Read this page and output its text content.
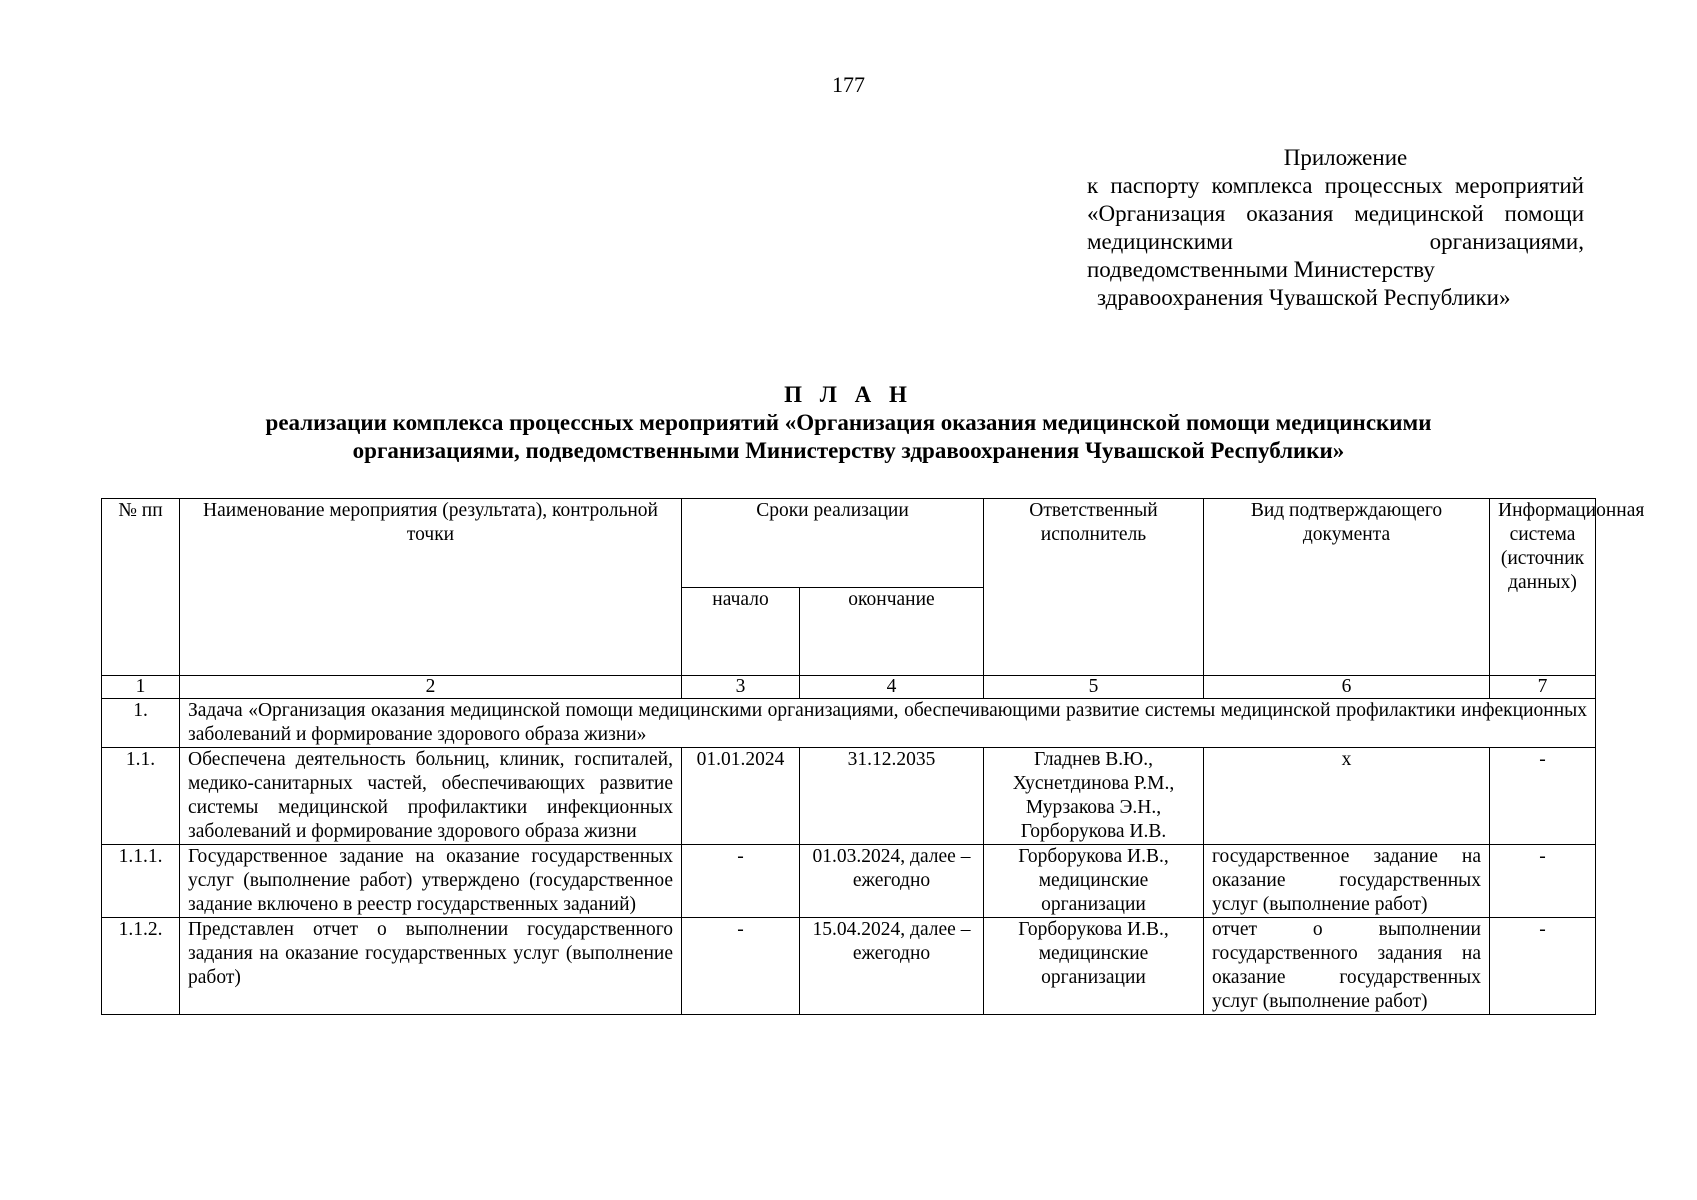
177
Приложение
к паспорту комплекса процессных мероприятий «Организация оказания медицинской помощи медицинскими организациями, подведомственными Министерству
здравоохранения Чувашской Республики»
П Л А Н
реализации комплекса процессных мероприятий «Организация оказания медицинской помощи медицинскими
организациями, подведомственными Министерству здравоохранения Чувашской Республики»
№ пп	Наименование мероприятия (результата), контрольной точки	Сроки реализации		Ответственный исполнитель	Вид подтверждающего документа	Информационная система (источник данных)
		начало	окончание			
1	2	3	4	5	6	7
1.	Задача «Организация оказания медицинской помощи медицинскими организациями, обеспечивающими развитие системы медицинской профилактики инфекционных заболеваний и формирование здорового образа жизни»					
1.1.	Обеспечена деятельность больниц, клиник, госпиталей, медико-санитарных частей, обеспечивающих развитие системы медицинской профилактики инфекционных заболеваний и формирование здорового образа жизни	01.01.2024	31.12.2035	Гладнев В.Ю., Хуснетдинова Р.М., Мурзакова Э.Н., Горборукова И.В.	x	-
1.1.1.	Государственное задание на оказание государственных услуг (выполнение работ) утверждено (государственное задание включено в реестр государственных заданий)	-	01.03.2024, далее – ежегодно	Горборукова И.В., медицинские организации	государственное задание на оказание государственных услуг (выполнение работ)	-
1.1.2.	Представлен отчет о выполнении государственного задания на оказание государственных услуг (выполнение работ)	-	15.04.2024, далее – ежегодно	Горборукова И.В., медицинские организации	отчет о выполнении государственного задания на оказание государственных услуг (выполнение работ)	-
